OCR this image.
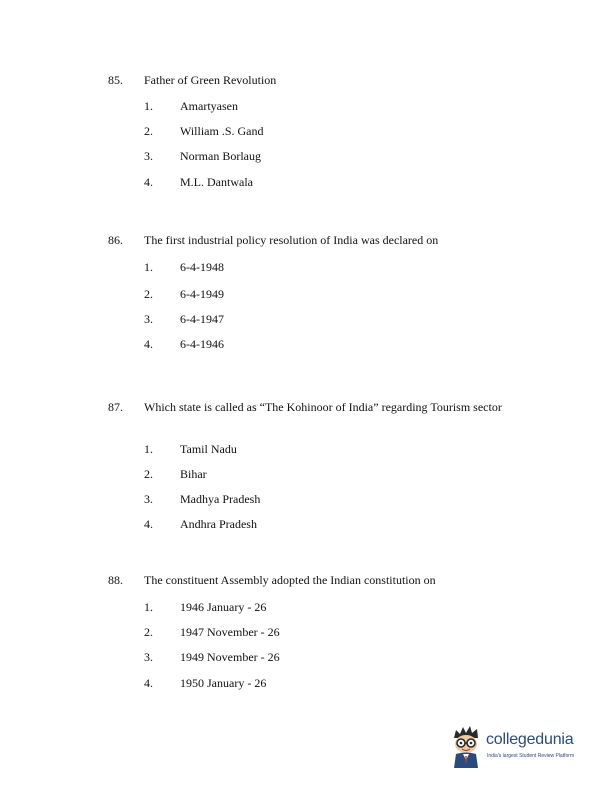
85. Father of Green Revolution
1. Amartyasen
2. William .S. Gand
3. Norman Borlaug
4. M.L. Dantwala
86. The first industrial policy resolution of India was declared on
1. 6-4-1948
2. 6-4-1949
3. 6-4-1947
4. 6-4-1946
87. Which state is called as “The Kohinoor of India” regarding Tourism sector
1. Tamil Nadu
2. Bihar
3. Madhya Pradesh
4. Andhra Pradesh
88. The constituent Assembly adopted the Indian constitution on
1. 1946 January - 26
2. 1947 November - 26
3. 1949 November - 26
4. 1950 January - 26
collegedunia
India's largest Student Review Platform
